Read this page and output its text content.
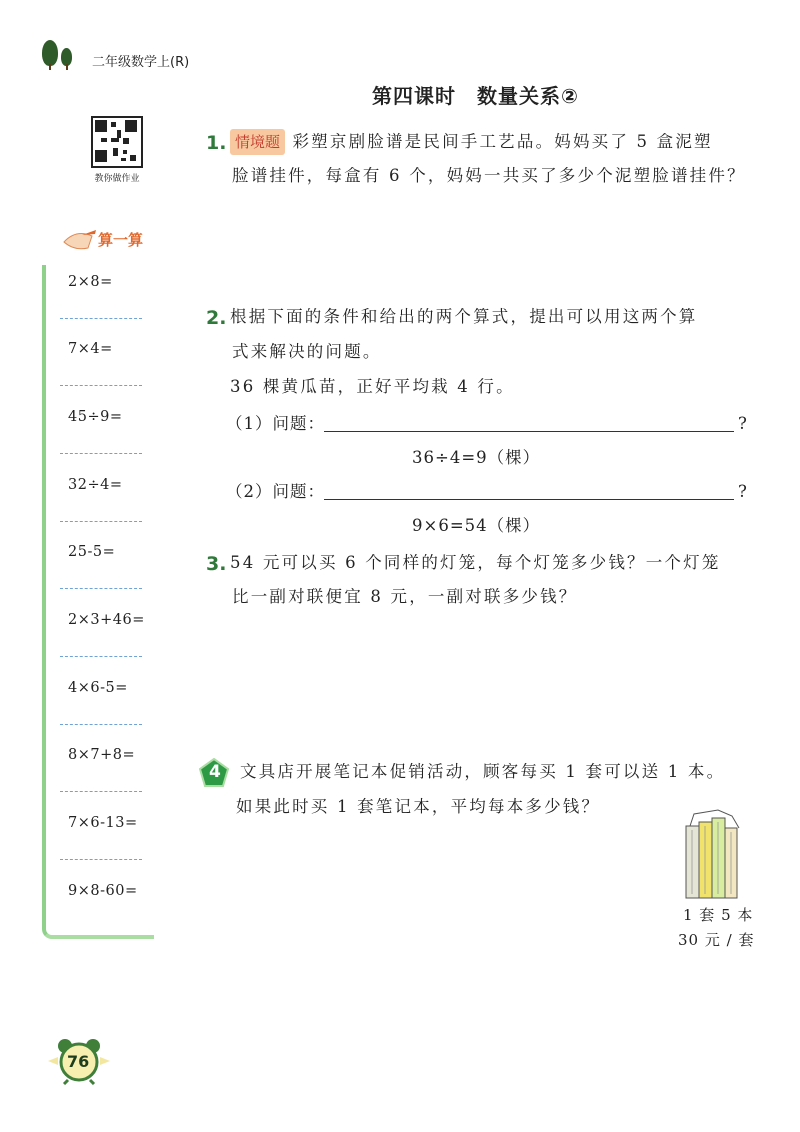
二年级数学上(R)
第四课时　数量关系②
教你做作业
算一算
2×8=
7×4=
45÷9=
32÷4=
25-5=
2×3+46=
4×6-5=
8×7+8=
7×6-13=
9×8-60=
1. 情境题 彩塑京剧脸谱是民间手工艺品。妈妈买了 5 盒泥塑
脸谱挂件，每盒有 6 个，妈妈一共买了多少个泥塑脸谱挂件？
2. 根据下面的条件和给出的两个算式，提出可以用这两个算
式来解决的问题。
36 棵黄瓜苗，正好平均栽 4 行。
（1）问题：	?
36÷4=9（棵）
（2）问题：	?
9×6=54（棵）
3. 54 元可以买 6 个同样的灯笼，每个灯笼多少钱？一个灯笼
比一副对联便宜 8 元，一副对联多少钱？
4 文具店开展笔记本促销活动，顾客每买 1 套可以送 1 本。
如果此时买 1 套笔记本，平均每本多少钱？
1 套 5 本
30 元 / 套
76
